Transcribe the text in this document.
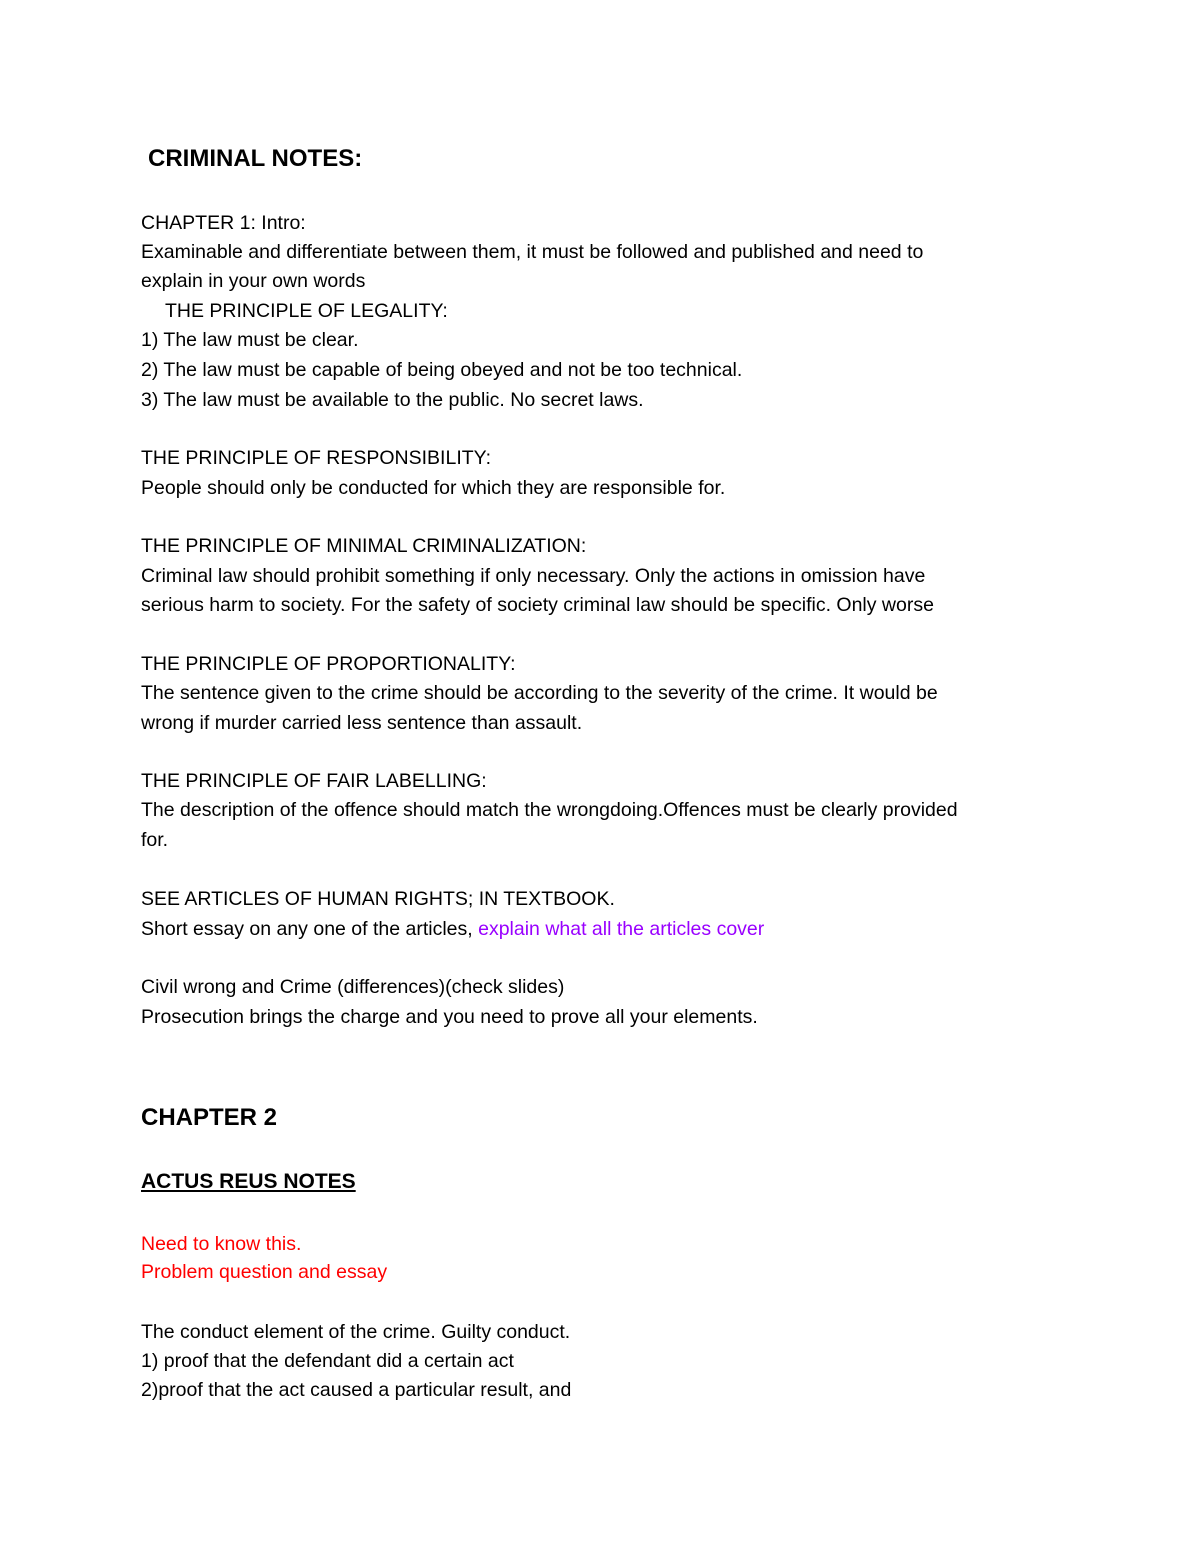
CRIMINAL NOTES:
CHAPTER 1: Intro:
Examinable and differentiate between them, it must be followed and published and need to
explain in your own words
THE PRINCIPLE OF LEGALITY:
1) The law must be clear.
2) The law must be capable of being obeyed and not be too technical.
3) The law must be available to the public. No secret laws.
THE PRINCIPLE OF RESPONSIBILITY:
People should only be conducted for which they are responsible for.
THE PRINCIPLE OF MINIMAL CRIMINALIZATION:
Criminal law should prohibit something if only necessary. Only the actions in omission have
serious harm to society. For the safety of society criminal law should be specific. Only worse
THE PRINCIPLE OF PROPORTIONALITY:
The sentence given to the crime should be according to the severity of the crime. It would be
wrong if murder carried less sentence than assault.
THE PRINCIPLE OF FAIR LABELLING:
The description of the offence should match the wrongdoing.Offences must be clearly provided
for.
SEE ARTICLES OF HUMAN RIGHTS; IN TEXTBOOK.
Short essay on any one of the articles, explain what all the articles cover
Civil wrong and Crime (differences)(check slides)
Prosecution brings the charge and you need to prove all your elements.
CHAPTER 2
ACTUS REUS NOTES
Need to know this.
Problem question and essay
The conduct element of the crime. Guilty conduct.
1) proof that the defendant did a certain act
2)proof that the act caused a particular result, and
